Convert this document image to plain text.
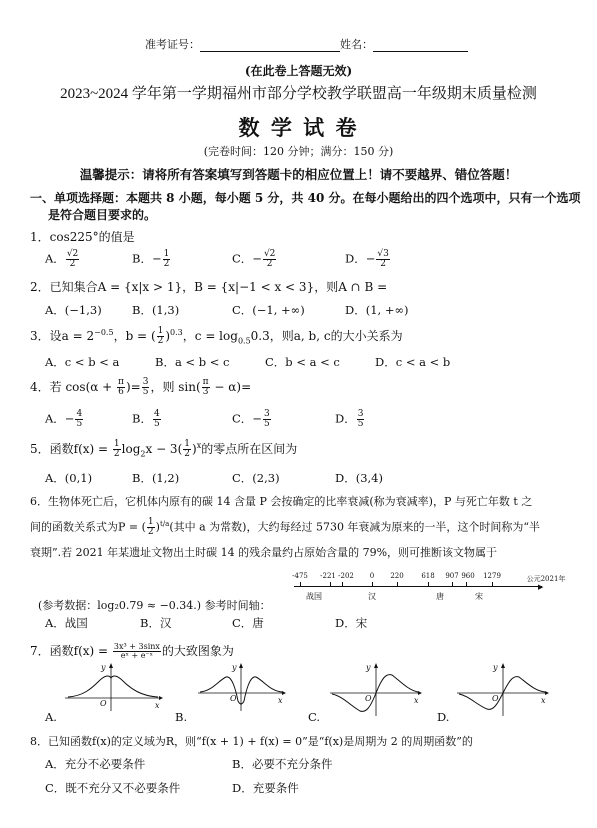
准考证号：	姓名：
(在此卷上答题无效)
2023~2024 学年第一学期福州市部分学校教学联盟高一年级期末质量检测
数 学 试 卷
(完卷时间：120 分钟；满分：150 分)
温馨提示：请将所有答案填写到答题卡的相应位置上！请不要越界、错位答题！
一、单项选择题：本题共 8 小题，每小题 5 分，共 40 分。在每小题给出的四个选项中，只有一个选项
是符合题目要求的。
1．cos225°的值是
A． $\frac{√2}{2}$	B．− $\frac{1}{2}$	C．− $\frac{√2}{2}$	D．− $\frac{√3}{2}$
2．已知集合A = {x|x > 1}，B = {x|−1 < x < 3}，则A ∩ B =
A．(−1,3)	B．(1,3)	C．(−1, +∞)	D．(1, +∞)
3．设$a = 2^{-0.5}$，b = ( $\frac{1}{2} )^{0.3}$，$c = \log_{0.5}0.3$，则a, b, c的大小关系为
A．c < b < a	B．a < b < c	C．b < a < c	D．c < a < b
4．若 $\cos(\alpha + \frac{\pi}{6}$ )= $\frac{3}{5}$ ，则 $\sin( \frac{\pi}{3} - \alpha)=$
A．− $\frac{4}{5}$	B． $\frac{4}{5}$	C．− $\frac{3}{5}$	D． $\frac{3}{5}$
5．函数$f(x) = \frac{1}{2} \log_2x - 3( \frac{1}{2} )^x$的零点所在区间为
A．(0,1)	B．(1,2)	C．(2,3)	D．(3,4)
6．生物体死亡后，它机体内原有的碳 14 含量 P 会按确定的比率衰减(称为衰减率)，P 与死亡年数 t 之
间的函数关系式为P = ( $\frac{1}{2} )^{t/a}$(其中 a 为常数)，大约每经过 5730 年衰减为原来的一半，这个时间称为“半
衰期”.若 2021 年某遗址文物出土时碳 14 的残余量约占原始含量的 79%，则可推断该文物属于
▶
-475 -221 -202 0 220	618 907 960 1279	公元2021年
战国	汉	唐	宋
(参考数据：log₂0.79 ≈ −0.34.) 参考时间轴：
A．战国	B．汉	C．唐	D．宋
7．函数$f(x) = \frac{\text{3x³ + 3sinx}}{\text{eˣ + e⁻ˣ}}$ 的大致图象为
y
x
O
y
x
O
y
x
O
y
x
O
A.	B.	C.	D.
8．已知函数f(x)的定义域为R，则“f(x + 1) + f(x) = 0”是“f(x)是周期为 2 的周期函数”的
A．充分不必要条件	B．必要不充分条件
C．既不充分又不必要条件	D．充要条件
